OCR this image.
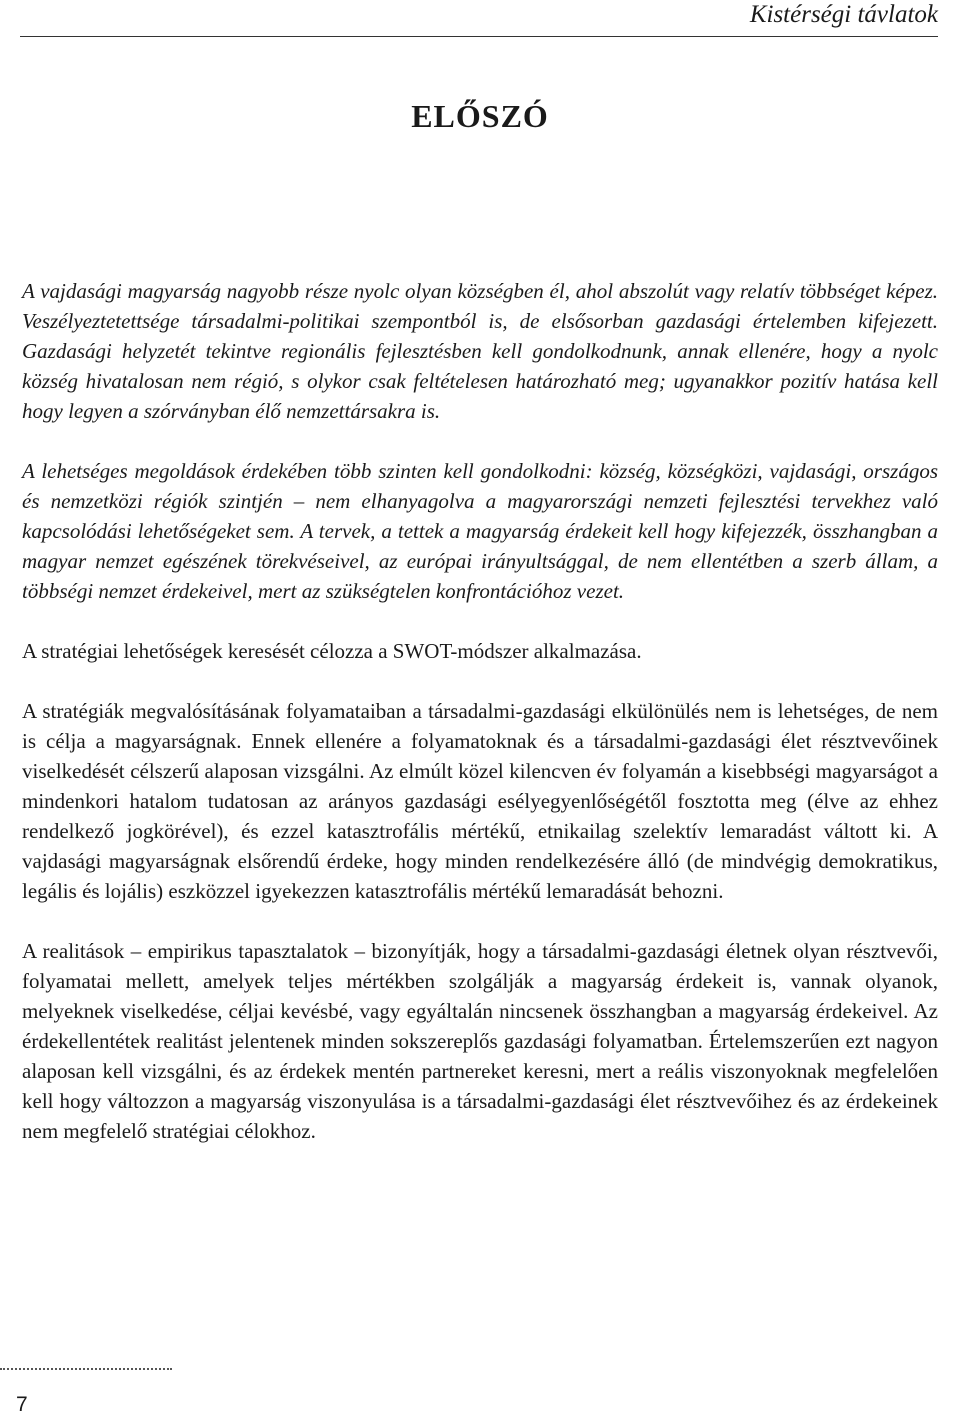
Kistérségi távlatok
ELŐSZÓ

A vajdasági magyarság nagyobb része nyolc olyan községben él, ahol abszolút vagy relatív többséget képez. Veszélyeztetettsége társadalmi-politikai szempontból is, de elsősorban gazdasági értelemben kifejezett. Gazdasági helyzetét tekintve regionális fejlesztésben kell gondolkodnunk, annak ellenére, hogy a nyolc község hivatalosan nem régió, s olykor csak feltételesen határozható meg; ugyanakkor pozitív hatása kell hogy legyen a szórványban élő nemzettársakra is.

A lehetséges megoldások érdekében több szinten kell gondolkodni: község, községközi, vajdasági, országos és nemzetközi régiók szintjén – nem elhanyagolva a magyarországi nemzeti fejlesztési tervekhez való kapcsolódási lehetőségeket sem. A tervek, a tettek a magyarság érdekeit kell hogy kifejezzék, összhangban a magyar nemzet egészének törekvéseivel, az európai irányultsággal, de nem ellentétben a szerb állam, a többségi nemzet érdekeivel, mert az szükségtelen konfrontációhoz vezet.

A stratégiai lehetőségek keresését célozza a SWOT-módszer alkalmazása.

A stratégiák megvalósításának folyamataiban a társadalmi-gazdasági elkülönülés nem is lehetséges, de nem is célja a magyarságnak. Ennek ellenére a folyamatoknak és a társadalmi-gazdasági élet résztvevőinek viselkedését célszerű alaposan vizsgálni. Az elmúlt közel kilencven év folyamán a kisebbségi magyarságot a mindenkori hatalom tudatosan az arányos gazdasági esélyegyenlőségétől fosztotta meg (élve az ehhez rendelkező jogkörével), és ezzel katasztrofális mértékű, etnikailag szelektív lemaradást váltott ki. A vajdasági magyarságnak elsőrendű érdeke, hogy minden rendelkezésére álló (de mindvégig demokratikus, legális és lojális) eszközzel igyekezzen katasztrofális mértékű lemaradását behozni.

A realitások – empirikus tapasztalatok – bizonyítják, hogy a társadalmi-gazdasági életnek olyan résztvevői, folyamatai mellett, amelyek teljes mértékben szolgálják a magyarság érdekeit is, vannak olyanok, melyeknek viselkedése, céljai kevésbé, vagy egyáltalán nincsenek összhangban a magyarság érdekeivel. Az érdekellentétek realitást jelentenek minden sokszereplős gazdasági folyamatban. Értelemszerűen ezt nagyon alaposan kell vizsgálni, és az érdekek mentén partnereket keresni, mert a reális viszonyoknak megfelelően kell hogy változzon a magyarság viszonyulása is a társadalmi-gazdasági élet résztvevőihez és az érdekeinek nem megfelelő stratégiai célokhoz.

7
